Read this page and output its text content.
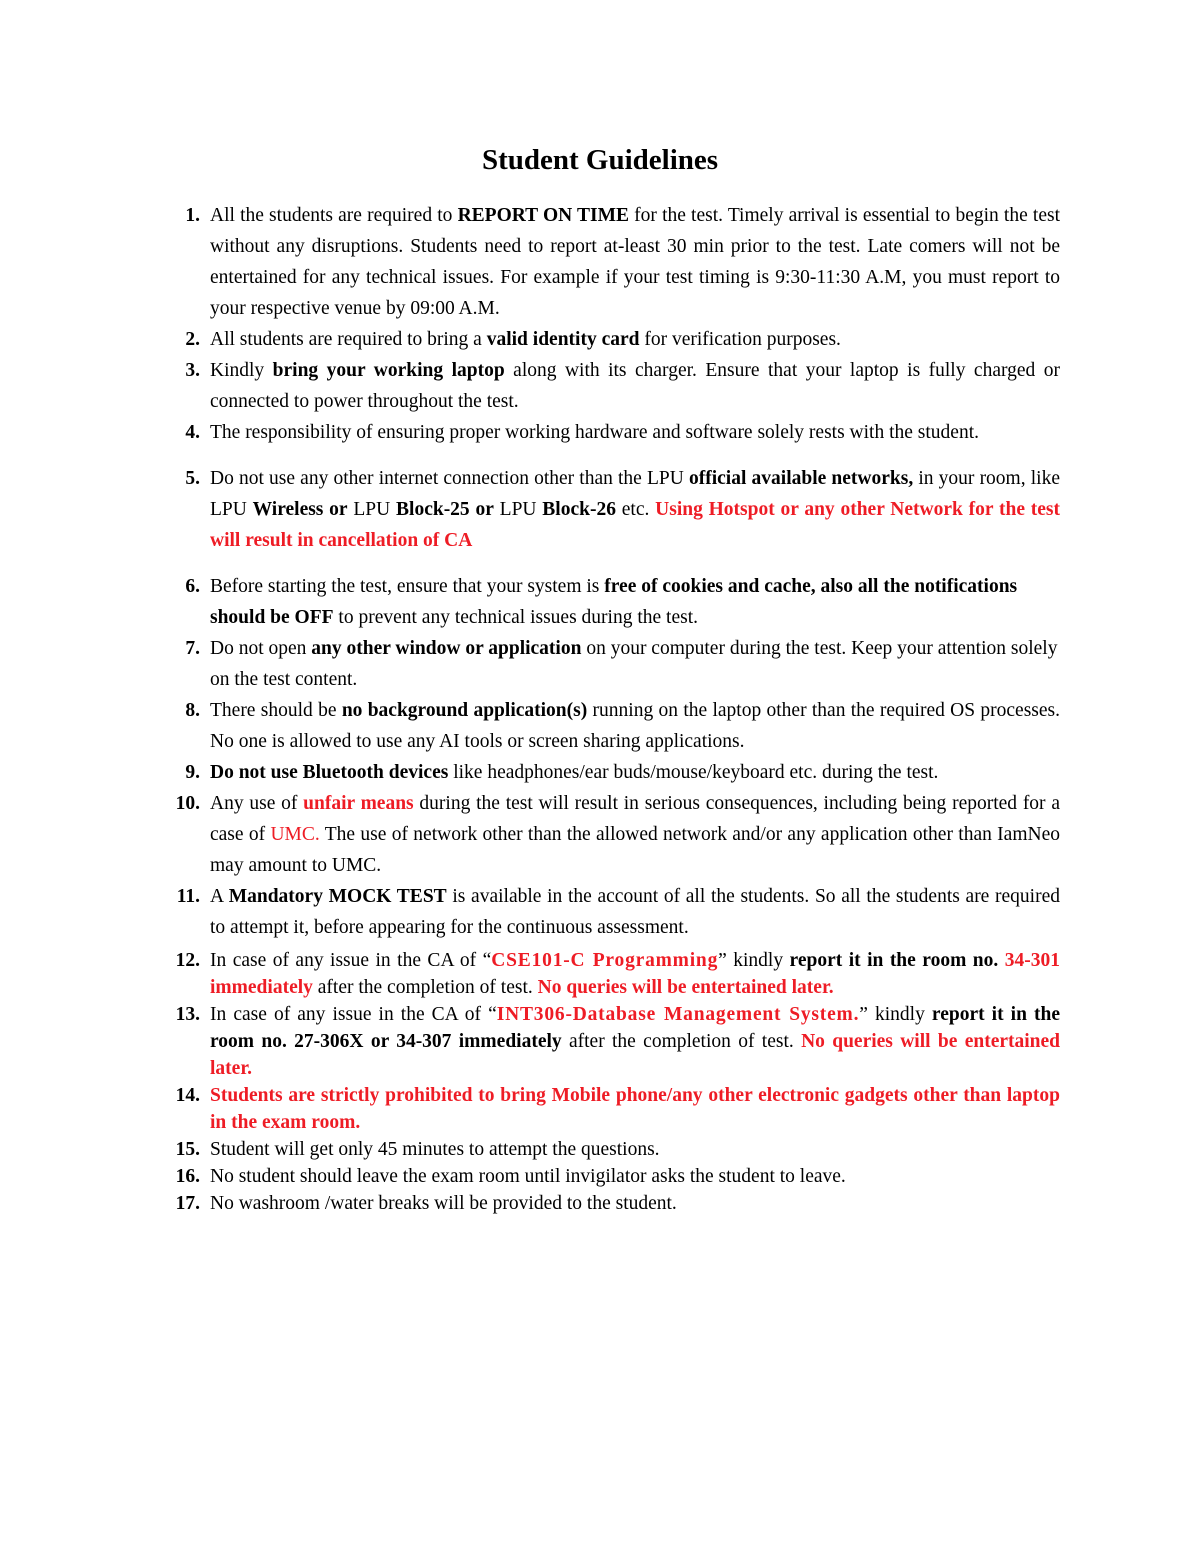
Student Guidelines
1. All the students are required to REPORT ON TIME for the test. Timely arrival is essential to begin the test without any disruptions. Students need to report at-least 30 min prior to the test. Late comers will not be entertained for any technical issues. For example if your test timing is 9:30-11:30 A.M, you must report to your respective venue by 09:00 A.M.
2. All students are required to bring a valid identity card for verification purposes.
3. Kindly bring your working laptop along with its charger. Ensure that your laptop is fully charged or connected to power throughout the test.
4. The responsibility of ensuring proper working hardware and software solely rests with the student.
5. Do not use any other internet connection other than the LPU official available networks, in your room, like LPU Wireless or LPU Block-25 or LPU Block-26 etc. Using Hotspot or any other Network for the test will result in cancellation of CA
6. Before starting the test, ensure that your system is free of cookies and cache, also all the notifications should be OFF to prevent any technical issues during the test.
7. Do not open any other window or application on your computer during the test. Keep your attention solely on the test content.
8. There should be no background application(s) running on the laptop other than the required OS processes. No one is allowed to use any AI tools or screen sharing applications.
9. Do not use Bluetooth devices like headphones/ear buds/mouse/keyboard etc. during the test.
10. Any use of unfair means during the test will result in serious consequences, including being reported for a case of UMC. The use of network other than the allowed network and/or any application other than IamNeo may amount to UMC.
11. A Mandatory MOCK TEST is available in the account of all the students. So all the students are required to attempt it, before appearing for the continuous assessment.
12. In case of any issue in the CA of “CSE101-C Programming” kindly report it in the room no. 34-301 immediately after the completion of test. No queries will be entertained later.
13. In case of any issue in the CA of “INT306-Database Management System.” kindly report it in the room no. 27-306X or 34-307 immediately after the completion of test. No queries will be entertained later.
14. Students are strictly prohibited to bring Mobile phone/any other electronic gadgets other than laptop in the exam room.
15. Student will get only 45 minutes to attempt the questions.
16. No student should leave the exam room until invigilator asks the student to leave.
17. No washroom /water breaks will be provided to the student.
